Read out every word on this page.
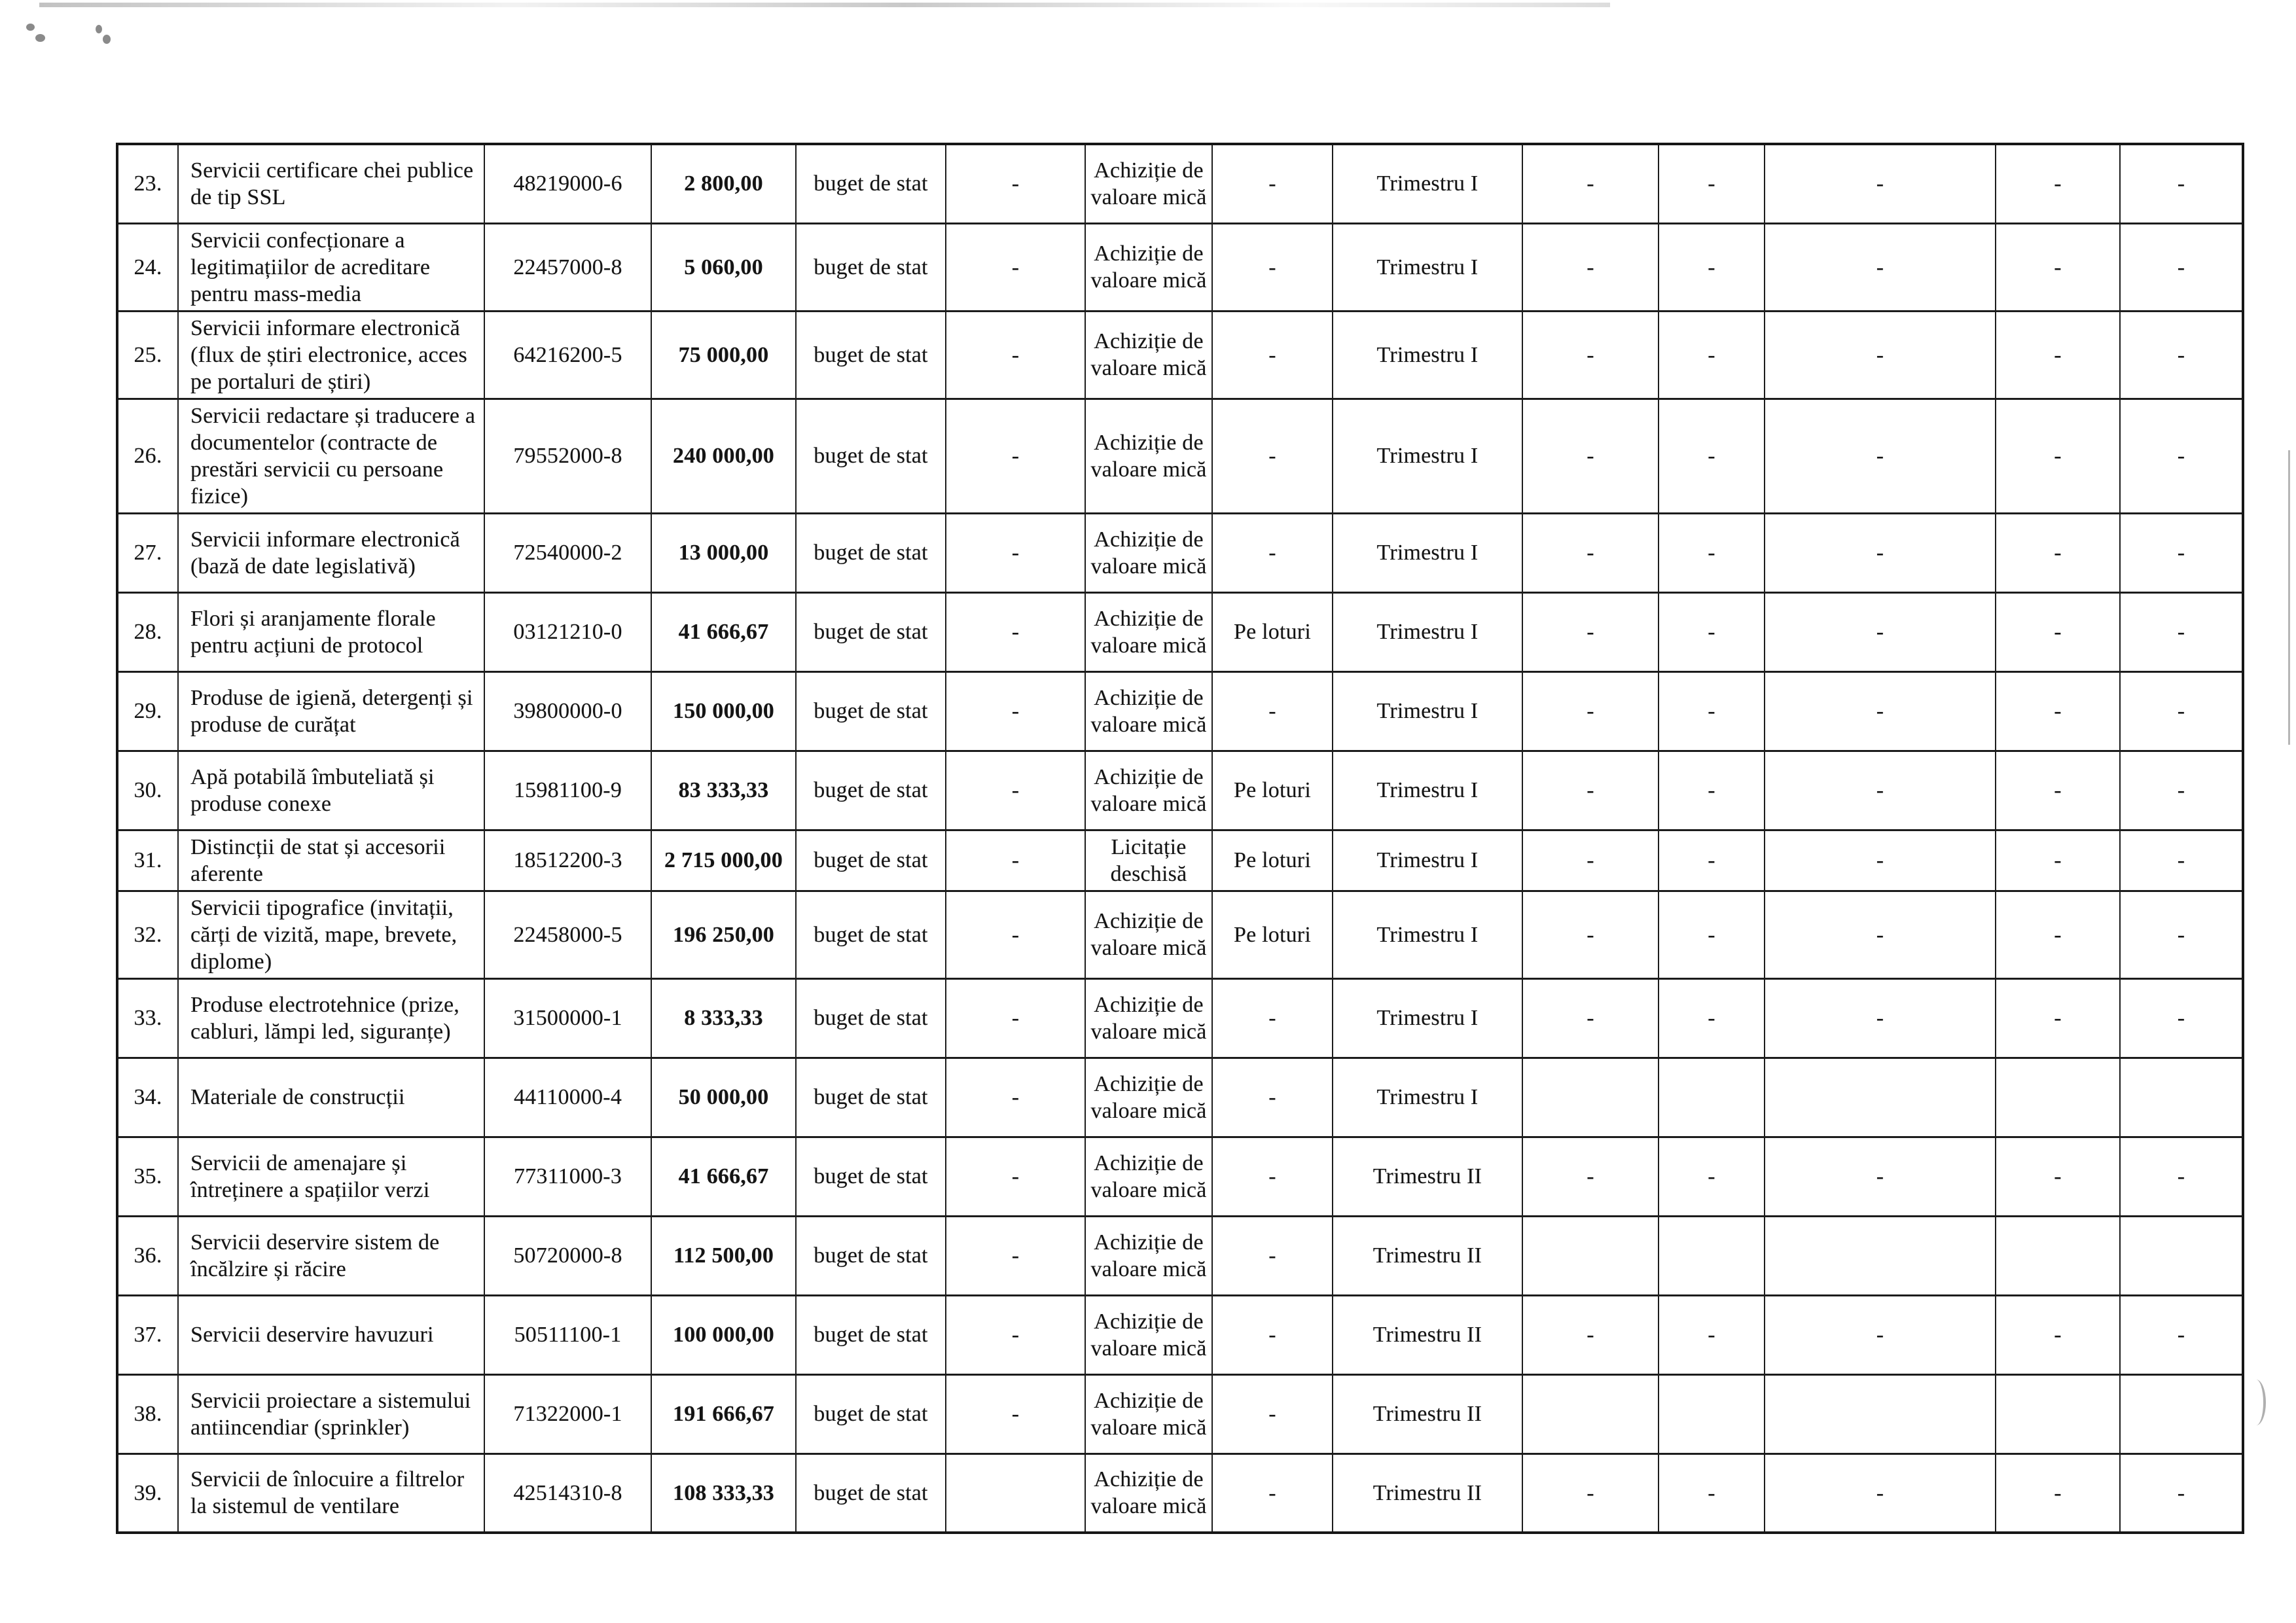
23.	Servicii certificare chei publice de tip SSL	48219000-6	2 800,00	buget de stat	-	Achiziție de valoare mică	-	Trimestru I	-	-	-	-	-
24.	Servicii confecționare a legitimațiilor de acreditare pentru mass-media	22457000-8	5 060,00	buget de stat	-	Achiziție de valoare mică	-	Trimestru I	-	-	-	-	-
25.	Servicii informare electronică (flux de știri electronice, acces pe portaluri de știri)	64216200-5	75 000,00	buget de stat	-	Achiziție de valoare mică	-	Trimestru I	-	-	-	-	-
26.	Servicii redactare și traducere a documentelor (contracte de prestări servicii cu persoane fizice)	79552000-8	240 000,00	buget de stat	-	Achiziție de valoare mică	-	Trimestru I	-	-	-	-	-
27.	Servicii informare electronică (bază de date legislativă)	72540000-2	13 000,00	buget de stat	-	Achiziție de valoare mică	-	Trimestru I	-	-	-	-	-
28.	Flori și aranjamente florale pentru acțiuni de protocol	03121210-0	41 666,67	buget de stat	-	Achiziție de valoare mică	Pe loturi	Trimestru I	-	-	-	-	-
29.	Produse de igienă, detergenți și produse de curățat	39800000-0	150 000,00	buget de stat	-	Achiziție de valoare mică	-	Trimestru I	-	-	-	-	-
30.	Apă potabilă îmbuteliată și produse conexe	15981100-9	83 333,33	buget de stat	-	Achiziție de valoare mică	Pe loturi	Trimestru I	-	-	-	-	-
31.	Distincții de stat și accesorii aferente	18512200-3	2 715 000,00	buget de stat	-	Licitație deschisă	Pe loturi	Trimestru I	-	-	-	-	-
32.	Servicii tipografice (invitații, cărți de vizită, mape, brevete, diplome)	22458000-5	196 250,00	buget de stat	-	Achiziție de valoare mică	Pe loturi	Trimestru I	-	-	-	-	-
33.	Produse electrotehnice (prize, cabluri, lămpi led, siguranțe)	31500000-1	8 333,33	buget de stat	-	Achiziție de valoare mică	-	Trimestru I	-	-	-	-	-
34.	Materiale de construcții	44110000-4	50 000,00	buget de stat	-	Achiziție de valoare mică	-	Trimestru I					
35.	Servicii de amenajare și întreținere a spațiilor verzi	77311000-3	41 666,67	buget de stat	-	Achiziție de valoare mică	-	Trimestru II	-	-	-	-	-
36.	Servicii deservire sistem de încălzire și răcire	50720000-8	112 500,00	buget de stat	-	Achiziție de valoare mică	-	Trimestru II					
37.	Servicii deservire havuzuri	50511100-1	100 000,00	buget de stat	-	Achiziție de valoare mică	-	Trimestru II	-	-	-	-	-
38.	Servicii proiectare a sistemului antiincendiar (sprinkler)	71322000-1	191 666,67	buget de stat	-	Achiziție de valoare mică	-	Trimestru II					
39.	Servicii de înlocuire a filtrelor la sistemul de ventilare	42514310-8	108 333,33	buget de stat		Achiziție de valoare mică	-	Trimestru II	-	-	-	-	-
